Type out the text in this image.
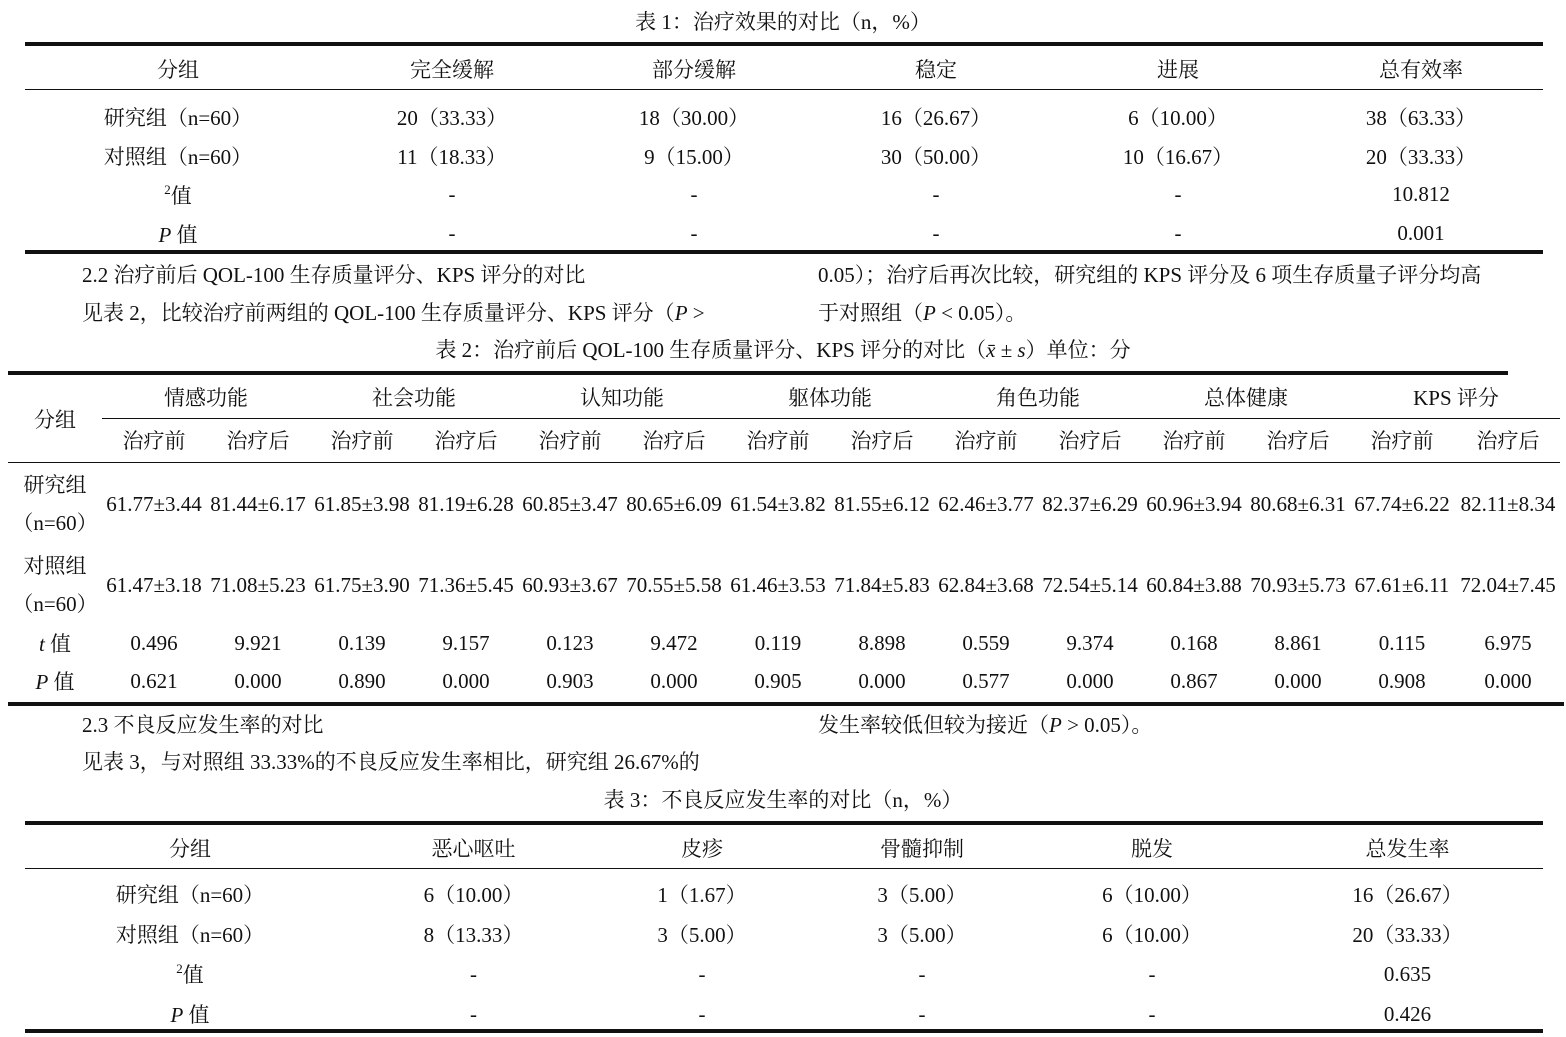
表 1：治疗效果的对比（n，%）
分组	完全缓解	部分缓解	稳定	进展	总有效率
研究组（n=60）	20（33.33）	18（30.00）	16（26.67）	6（10.00）	38（63.33）
对照组（n=60）	11（18.33）	9（15.00）	30（50.00）	10（16.67）	20（33.33）
$^2$值	-	-	-	-	10.812
P 值	-	-	-	-	0.001
2.2 治疗前后 QOL-100 生存质量评分、KPS 评分的对比
见表 2，比较治疗前两组的 QOL-100 生存质量评分、KPS 评分（P >
0.05）；治疗后再次比较，研究组的 KPS 评分及 6 项生存质量子评分均高
于对照组（P < 0.05）。
表 2：治疗前后 QOL-100 生存质量评分、KPS 评分的对比（x̄ ± s）单位：分
分组	情感功能		社会功能		认知功能		躯体功能		角色功能		总体健康		KPS 评分	
	治疗前	治疗后	治疗前	治疗后	治疗前	治疗后	治疗前	治疗后	治疗前	治疗后	治疗前	治疗后	治疗前	治疗后
研究组
（n=60）	61.77±3.44	81.44±6.17	61.85±3.98	81.19±6.28	60.85±3.47	80.65±6.09	61.54±3.82	81.55±6.12	62.46±3.77	82.37±6.29	60.96±3.94	80.68±6.31	67.74±6.22	82.11±8.34
对照组
（n=60）	61.47±3.18	71.08±5.23	61.75±3.90	71.36±5.45	60.93±3.67	70.55±5.58	61.46±3.53	71.84±5.83	62.84±3.68	72.54±5.14	60.84±3.88	70.93±5.73	67.61±6.11	72.04±7.45
t 值	0.496	9.921	0.139	9.157	0.123	9.472	0.119	8.898	0.559	9.374	0.168	8.861	0.115	6.975
P 值	0.621	0.000	0.890	0.000	0.903	0.000	0.905	0.000	0.577	0.000	0.867	0.000	0.908	0.000
2.3 不良反应发生率的对比
见表 3，与对照组 33.33%的不良反应发生率相比，研究组 26.67%的
发生率较低但较为接近（P > 0.05）。
表 3：不良反应发生率的对比（n，%）
分组	恶心呕吐	皮疹	骨髓抑制	脱发	总发生率
研究组（n=60）	6（10.00）	1（1.67）	3（5.00）	6（10.00）	16（26.67）
对照组（n=60）	8（13.33）	3（5.00）	3（5.00）	6（10.00）	20（33.33）
$^2$值	-	-	-	-	0.635
P 值	-	-	-	-	0.426
